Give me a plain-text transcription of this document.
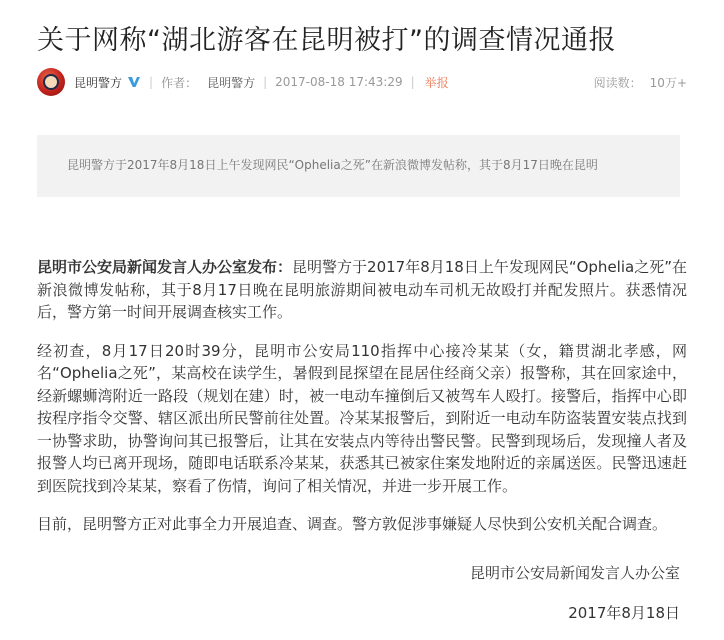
关于网称“湖北游客在昆明被打”的调查情况通报
昆明警方 | 作者： 昆明警方 | 2017-08-18 17:43:29 | 举报	阅读数： 10万+
昆明警方于2017年8月18日上午发现网民“Ophelia之死”在新浪微博发帖称，其于8月17日晚在昆明

昆明市公安局新闻发言人办公室发布：昆明警方于2017年8月18日上午发现网民“Ophelia之死”在新浪微博发帖称，其于8月17日晚在昆明旅游期间被电动车司机无故殴打并配发照片。获悉情况后，警方第一时间开展调查核实工作。

经初查，8月17日20时39分，昆明市公安局110指挥中心接冷某某（女，籍贯湖北孝感，网名“Ophelia之死”，某高校在读学生，暑假到昆探望在昆居住经商父亲）报警称，其在回家途中，经新螺蛳湾附近一路段（规划在建）时，被一电动车撞倒后又被驾车人殴打。接警后，指挥中心即按程序指令交警、辖区派出所民警前往处置。冷某某报警后，到附近一电动车防盗装置安装点找到一协警求助，协警询问其已报警后，让其在安装点内等待出警民警。民警到现场后，发现撞人者及报警人均已离开现场，随即电话联系冷某某，获悉其已被家住案发地附近的亲属送医。民警迅速赶到医院找到冷某某，察看了伤情，询问了相关情况，并进一步开展工作。

目前，昆明警方正对此事全力开展追查、调查。警方敦促涉事嫌疑人尽快到公安机关配合调查。

昆明市公安局新闻发言人办公室
2017年8月18日
